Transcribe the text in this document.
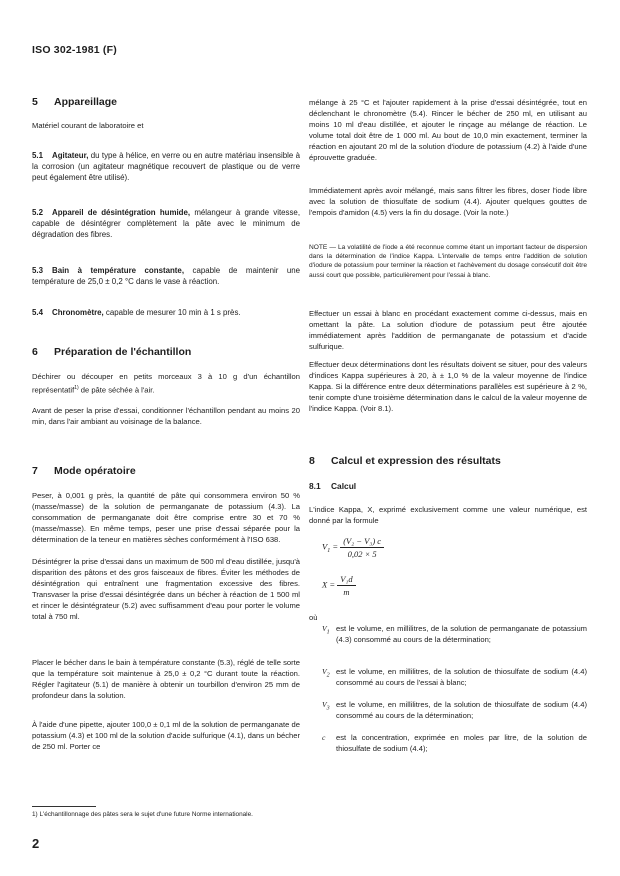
ISO 302-1981 (F)
5 Appareillage

Matériel courant de laboratoire et

5.1 Agitateur, du type à hélice, en verre ou en autre matériau insensible à la corrosion (un agitateur magnétique recouvert de plastique ou de verre peut également être utilisé).

5.2 Appareil de désintégration humide, mélangeur à grande vitesse, capable de désintégrer complètement la pâte avec le minimum de dégradation des fibres.

5.3 Bain à température constante, capable de maintenir une température de 25,0 ± 0,2 °C dans le vase à réaction.

5.4 Chronomètre, capable de mesurer 10 min à 1 s près.

6 Préparation de l'échantillon

Déchirer ou découper en petits morceaux 3 à 10 g d'un échantillon représentatif$^{1)}$ de pâte séchée à l'air.

Avant de peser la prise d'essai, conditionner l'échantillon pendant au moins 20 min, dans l'air ambiant au voisinage de la balance.

7 Mode opératoire

Peser, à 0,001 g près, la quantité de pâte qui consommera environ 50 % (masse/masse) de la solution de permanganate de potassium (4.3). La consommation de permanganate doit être comprise entre 30 et 70 % (masse/masse). En même temps, peser une prise d'essai séparée pour la détermination de la teneur en matières sèches conformément à l'ISO 638.

Désintégrer la prise d'essai dans un maximum de 500 ml d'eau distillée, jusqu'à disparition des pâtons et des gros faisceaux de fibres. Éviter les méthodes de désintégration qui entraînent une fragmentation excessive des fibres. Transvaser la prise d'essai désintégrée dans un bécher à réaction de 1 500 ml et rincer le désintégrateur (5.2) avec suffisamment d'eau pour porter le volume total à 750 ml.

Placer le bécher dans le bain à température constante (5.3), réglé de telle sorte que la température soit maintenue à 25,0 ± 0,2 °C durant toute la réaction. Régler l'agitateur (5.1) de manière à obtenir un tourbillon d'environ 25 mm de profondeur dans la solution.

À l'aide d'une pipette, ajouter 100,0 ± 0,1 ml de la solution de permanganate de potassium (4.3) et 100 ml de la solution d'acide sulfurique (4.1), dans un bécher de 250 ml. Porter ce

mélange à 25 °C et l'ajouter rapidement à la prise d'essai désintégrée, tout en déclenchant le chronomètre (5.4). Rincer le bécher de 250 ml, en utilisant au moins 10 ml d'eau distillée, et ajouter le rinçage au mélange de réaction. Le volume total doit être de 1 000 ml. Au bout de 10,0 min exactement, terminer la réaction en ajoutant 20 ml de la solution d'iodure de potassium (4.2) à l'aide d'une éprouvette graduée.

Immédiatement après avoir mélangé, mais sans filtrer les fibres, doser l'iode libre avec la solution de thiosulfate de sodium (4.4). Ajouter quelques gouttes de l'empois d'amidon (4.5) vers la fin du dosage. (Voir la note.)

NOTE — La volatilité de l'iode a été reconnue comme étant un important facteur de dispersion dans la détermination de l'indice Kappa. L'intervalle de temps entre l'addition de solution d'iodure de potassium pour terminer la réaction et l'achèvement du dosage consécutif doit être aussi court que possible, particulièrement pour l'essai à blanc.

Effectuer un essai à blanc en procédant exactement comme ci-dessus, mais en omettant la pâte. La solution d'iodure de potassium peut être ajoutée immédiatement après l'addition de permanganate de potassium et d'acide sulfurique.

Effectuer deux déterminations dont les résultats doivent se situer, pour des valeurs d'indices Kappa supérieures à 20, à ± 1,0 % de la valeur moyenne de l'indice Kappa. Si la différence entre deux déterminations parallèles est supérieure à 2 %, tenir compte d'une troisième détermination dans le calcul de la valeur moyenne de l'indice Kappa. (Voir 8.1).

8 Calcul et expression des résultats
8.1 Calcul

L'indice Kappa, X, exprimé exclusivement comme une valeur numérique, est donné par la formule

$V_1 = \frac{\text{(V₂ − V₃) c}}{0,02 \times 5}$
$X = \frac{\text{V₁d}}{m}$
où
$V_1$ est le volume, en millilitres, de la solution de permanganate de potassium (4.3) consommé au cours de la détermination;
$V_2$ est le volume, en millilitres, de la solution de thiosulfate de sodium (4.4) consommé au cours de l'essai à blanc;
$V_3$ est le volume, en millilitres, de la solution de thiosulfate de sodium (4.4) consommé au cours de la détermination;
c est la concentration, exprimée en moles par litre, de la solution de thiosulfate de sodium (4.4);
1) L'échantillonnage des pâtes sera le sujet d'une future Norme internationale.
2
